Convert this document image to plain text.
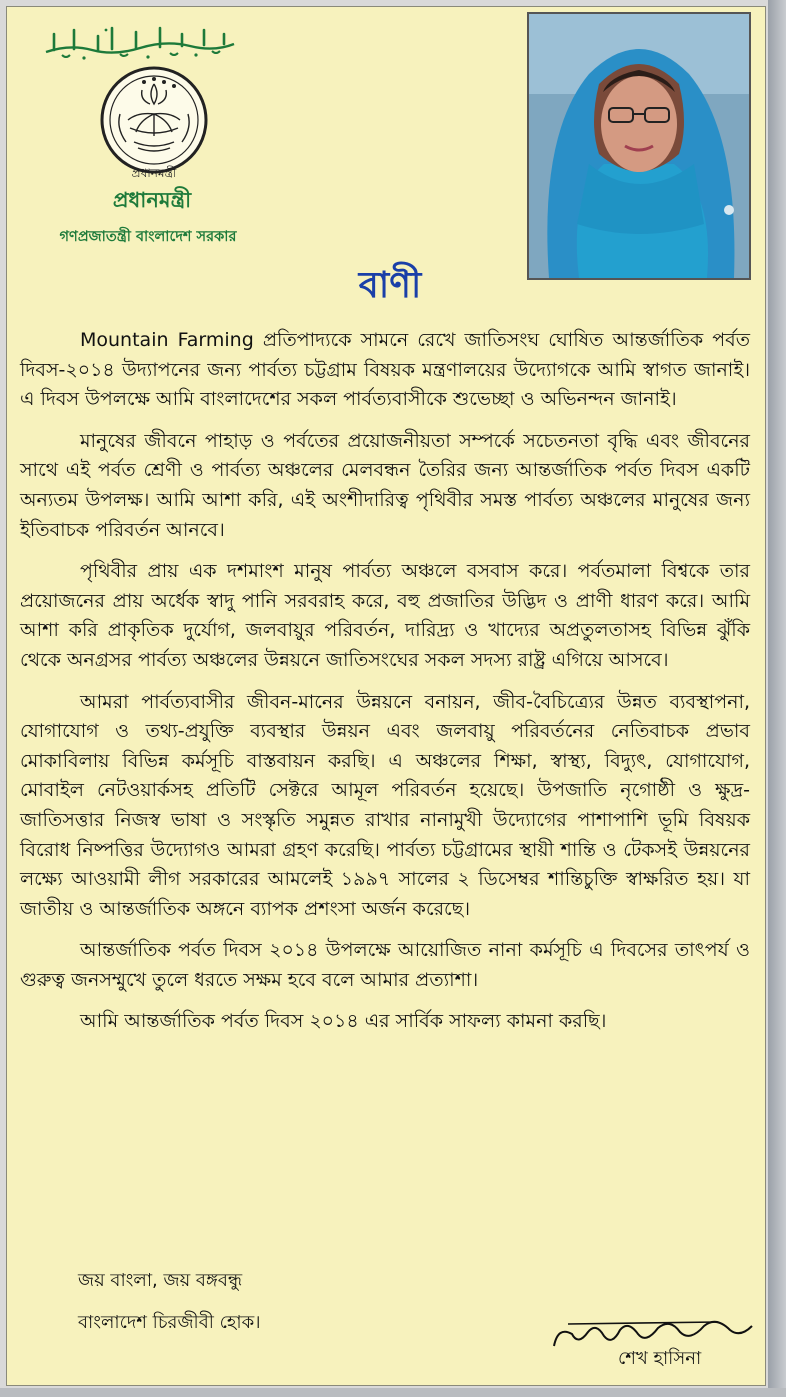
প্রধানমন্ত্রী
প্রধানমন্ত্রী
গণপ্রজাতন্ত্রী বাংলাদেশ সরকার
বাণী

Mountain Farming প্রতিপাদ্যকে সামনে রেখে জাতিসংঘ ঘোষিত আন্তর্জাতিক পর্বত দিবস-২০১৪ উদ্যাপনের জন্য পার্বত্য চট্টগ্রাম বিষয়ক মন্ত্রণালয়ের উদ্যোগকে আমি স্বাগত জানাই। এ দিবস উপলক্ষে আমি বাংলাদেশের সকল পার্বত্যবাসীকে শুভেচ্ছা ও অভিনন্দন জানাই।

মানুষের জীবনে পাহাড় ও পর্বতের প্রয়োজনীয়তা সম্পর্কে সচেতনতা বৃদ্ধি এবং জীবনের সাথে এই পর্বত শ্রেণী ও পার্বত্য অঞ্চলের মেলবন্ধন তৈরির জন্য আন্তর্জাতিক পর্বত দিবস একটি অন্যতম উপলক্ষ। আমি আশা করি, এই অংশীদারিত্ব পৃথিবীর সমস্ত পার্বত্য অঞ্চলের মানুষের জন্য ইতিবাচক পরিবর্তন আনবে।

পৃথিবীর প্রায় এক দশমাংশ মানুষ পার্বত্য অঞ্চলে বসবাস করে। পর্বতমালা বিশ্বকে তার প্রয়োজনের প্রায় অর্ধেক স্বাদু পানি সরবরাহ করে, বহু প্রজাতির উদ্ভিদ ও প্রাণী ধারণ করে। আমি আশা করি প্রাকৃতিক দুর্যোগ, জলবায়ুর পরিবর্তন, দারিদ্র্য ও খাদ্যের অপ্রতুলতাসহ বিভিন্ন ঝুঁকি থেকে অনগ্রসর পার্বত্য অঞ্চলের উন্নয়নে জাতিসংঘের সকল সদস্য রাষ্ট্র এগিয়ে আসবে।

আমরা পার্বত্যবাসীর জীবন-মানের উন্নয়নে বনায়ন, জীব-বৈচিত্র্যের উন্নত ব্যবস্থাপনা, যোগাযোগ ও তথ্য-প্রযুক্তি ব্যবস্থার উন্নয়ন এবং জলবায়ু পরিবর্তনের নেতিবাচক প্রভাব মোকাবিলায় বিভিন্ন কর্মসূচি বাস্তবায়ন করছি। এ অঞ্চলের শিক্ষা, স্বাস্থ্য, বিদ্যুৎ, যোগাযোগ, মোবাইল নেটওয়ার্কসহ প্রতিটি সেক্টরে আমূল পরিবর্তন হয়েছে। উপজাতি নৃগোষ্ঠী ও ক্ষুদ্র-জাতিসত্তার নিজস্ব ভাষা ও সংস্কৃতি সমুন্নত রাখার নানামুখী উদ্যোগের পাশাপাশি ভূমি বিষয়ক বিরোধ নিষ্পত্তির উদ্যোগও আমরা গ্রহণ করেছি। পার্বত্য চট্টগ্রামের স্থায়ী শান্তি ও টেকসই উন্নয়নের লক্ষ্যে আওয়ামী লীগ সরকারের আমলেই ১৯৯৭ সালের ২ ডিসেম্বর শান্তিচুক্তি স্বাক্ষরিত হয়। যা জাতীয় ও আন্তর্জাতিক অঙ্গনে ব্যাপক প্রশংসা অর্জন করেছে।

আন্তর্জাতিক পর্বত দিবস ২০১৪ উপলক্ষে আয়োজিত নানা কর্মসূচি এ দিবসের তাৎপর্য ও গুরুত্ব জনসম্মুখে তুলে ধরতে সক্ষম হবে বলে আমার প্রত্যাশা।

আমি আন্তর্জাতিক পর্বত দিবস ২০১৪ এর সার্বিক সাফল্য কামনা করছি।

জয় বাংলা, জয় বঙ্গবন্ধু
বাংলাদেশ চিরজীবী হোক।
শেখ হাসিনা
